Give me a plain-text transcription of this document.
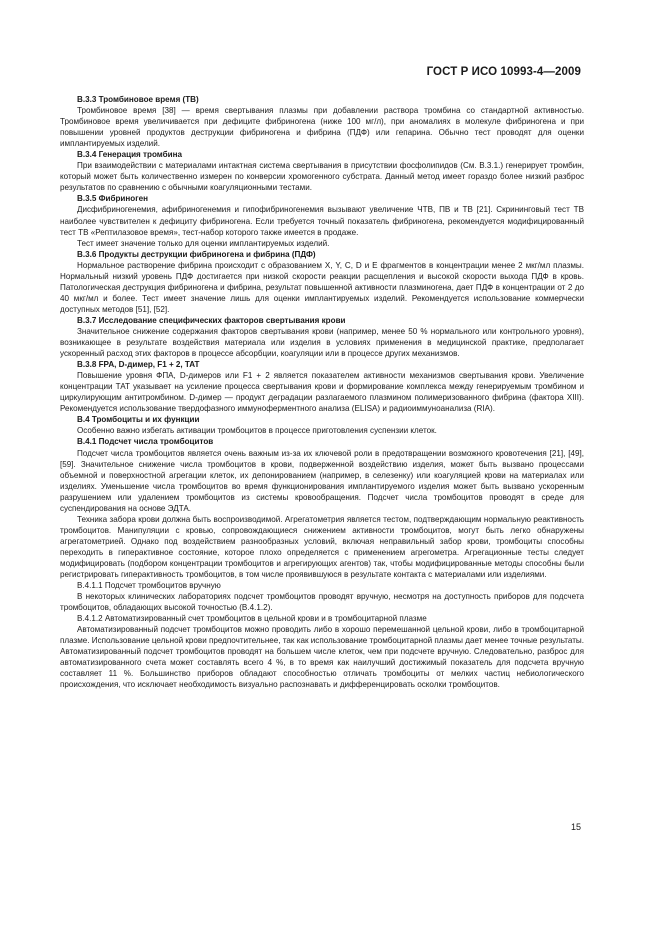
ГОСТ Р ИСО 10993-4—2009
B.3.3 Тромбиновое время (TB)

Тромбиновое время [38] — время свертывания плазмы при добавлении раствора тромбина со стандартной активностью. Тромбиновое время увеличивается при дефиците фибриногена (ниже 100 мг/л), при аномалиях в молекуле фибриногена и при повышении уровней продуктов деструкции фибриногена и фибрина (ПДФ) или гепарина. Обычно тест проводят для оценки имплантируемых изделий.

B.3.4 Генерация тромбина

При взаимодействии с материалами интактная система свертывания в присутствии фосфолипидов (См. В.3.1.) генерирует тромбин, который может быть количественно измерен по конверсии хромогенного субстрата. Данный метод имеет гораздо более низкий разброс результатов по сравнению с обычными коагуляционными тестами.

B.3.5 Фибриноген

Дисфибриногенемия, афибриногенемия и гипофибриногенемия вызывают увеличение ЧТВ, ПВ и ТВ [21]. Скрининговый тест ТВ наиболее чувствителен к дефициту фибриногена. Если требуется точный показатель фибриногена, рекомендуется модифицированный тест ТВ «Рептилазовое время», тест-набор которого также имеется в продаже.

Тест имеет значение только для оценки имплантируемых изделий.

B.3.6 Продукты деструкции фибриногена и фибрина (ПДФ)

Нормальное растворение фибрина происходит с образованием X, Y, C, D и E фрагментов в концентрации менее 2 мкг/мл плазмы. Нормальный низкий уровень ПДФ достигается при низкой скорости реакции расщепления и высокой скорости выхода ПДФ в кровь. Патологическая деструкция фибриногена и фибрина, результат повышенной активности плазминогена, дает ПДФ в концентрации от 2 до 40 мкг/мл и более. Тест имеет значение лишь для оценки имплантируемых изделий. Рекомендуется использование коммерчески доступных методов [51], [52].

B.3.7 Исследование специфических факторов свертывания крови

Значительное снижение содержания факторов свертывания крови (например, менее 50 % нормального или контрольного уровня), возникающее в результате воздействия материала или изделия в условиях применения в медицинской практике, предполагает ускоренный расход этих факторов в процессе абсорбции, коагуляции или в процессе других механизмов.

B.3.8 FPA, D-димер, F1 + 2, TAT

Повышение уровня ФПА, D-димеров или F1 + 2 является показателем активности механизмов свертывания крови. Увеличение концентрации ТАТ указывает на усиление процесса свертывания крови и формирование комплекса между генерируемым тромбином и циркулирующим антитромбином. D-димер — продукт деградации разлагаемого плазмином полимеризованного фибрина (фактора XIII). Рекомендуется использование твердофазного иммуноферментного анализа (ELISA) и радиоиммуноанализа (RIA).

B.4 Тромбоциты и их функции

Особенно важно избегать активации тромбоцитов в процессе приготовления суспензии клеток.

B.4.1 Подсчет числа тромбоцитов

Подсчет числа тромбоцитов является очень важным из-за их ключевой роли в предотвращении возможного кровотечения [21], [49], [59]. Значительное снижение числа тромбоцитов в крови, подверженной воздействию изделия, может быть вызвано процессами объемной и поверхностной агрегации клеток, их депонированием (например, в селезенку) или коагуляцией крови на материалах или изделиях. Уменьшение числа тромбоцитов во время функционирования имплантируемого изделия может быть вызвано ускоренным разрушением или удалением тромбоцитов из системы кровообращения. Подсчет числа тромбоцитов проводят в среде для суспендирования на основе ЭДТА.

Техника забора крови должна быть воспроизводимой. Агрегатометрия является тестом, подтверждающим нормальную реактивность тромбоцитов. Манипуляции с кровью, сопровождающиеся снижением активности тромбоцитов, могут быть легко обнаружены агрегатометрией. Однако под воздействием разнообразных условий, включая неправильный забор крови, тромбоциты способны переходить в гиперактивное состояние, которое плохо определяется с применением агрегометра. Агрегационные тесты следует модифицировать (подбором концентрации тромбоцитов и агрегирующих агентов) так, чтобы модифицированные методы способны были регистрировать гиперактивность тромбоцитов, в том числе проявившуюся в результате контакта с материалами или изделиями.

B.4.1.1 Подсчет тромбоцитов вручную

В некоторых клинических лабораториях подсчет тромбоцитов проводят вручную, несмотря на доступность приборов для подсчета тромбоцитов, обладающих высокой точностью (В.4.1.2).

B.4.1.2 Автоматизированный счет тромбоцитов в цельной крови и в тромбоцитарной плазме

Автоматизированный подсчет тромбоцитов можно проводить либо в хорошо перемешанной цельной крови, либо в тромбоцитарной плазме. Использование цельной крови предпочтительнее, так как использование тромбоцитарной плазмы дает менее точные результаты. Автоматизированный подсчет тромбоцитов проводят на большем числе клеток, чем при подсчете вручную. Следовательно, разброс для автоматизированного счета может составлять всего 4 %, в то время как наилучший достижимый показатель для подсчета вручную составляет 11 %. Большинство приборов обладают способностью отличать тромбоциты от мелких частиц небиологического происхождения, что исключает необходимость визуально распознавать и дифференцировать осколки тромбоцитов.

15
